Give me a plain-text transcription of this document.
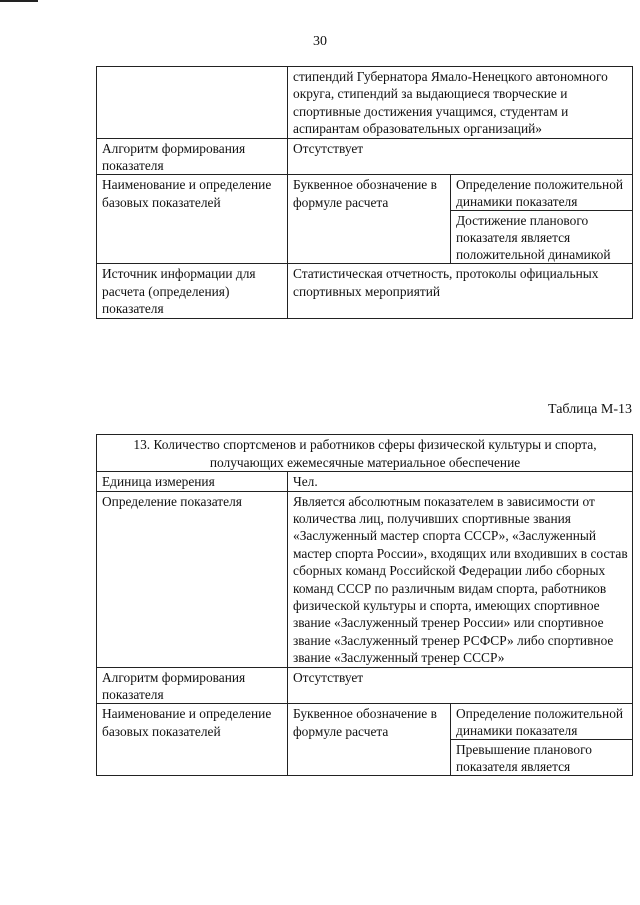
30
	стипендий Губернатора Ямало-Ненецкого автономного округа, стипендий за выдающиеся творческие и спортивные достижения учащимся, студентам и аспирантам образовательных организаций»	
Алгоритм формирования показателя	Отсутствует	
Наименование и определение базовых показателей	Буквенное обозначение в формуле расчета	Определение положительной динамики показателя
		Достижение планового показателя является положительной динамикой
Источник информации для расчета (определения) показателя	Статистическая отчетность, протоколы официальных спортивных мероприятий	
Таблица М-13
13. Количество спортсменов и работников сферы физической культуры и спорта, получающих ежемесячные материальное обеспечение		
Единица измерения	Чел.	
Определение показателя	Является абсолютным показателем в зависимости от количества лиц, получивших спортивные звания «Заслуженный мастер спорта СССР», «Заслуженный мастер спорта России», входящих или входивших в состав сборных команд Российской Федерации либо сборных команд СССР по различным видам спорта, работников физической культуры и спорта, имеющих спортивное звание «Заслуженный тренер России» или спортивное звание «Заслуженный тренер РСФСР» либо спортивное звание «Заслуженный тренер СССР»	
Алгоритм формирования показателя	Отсутствует	
Наименование и определение базовых показателей	Буквенное обозначение в формуле расчета	Определение положительной динамики показателя
		Превышение планового показателя является
